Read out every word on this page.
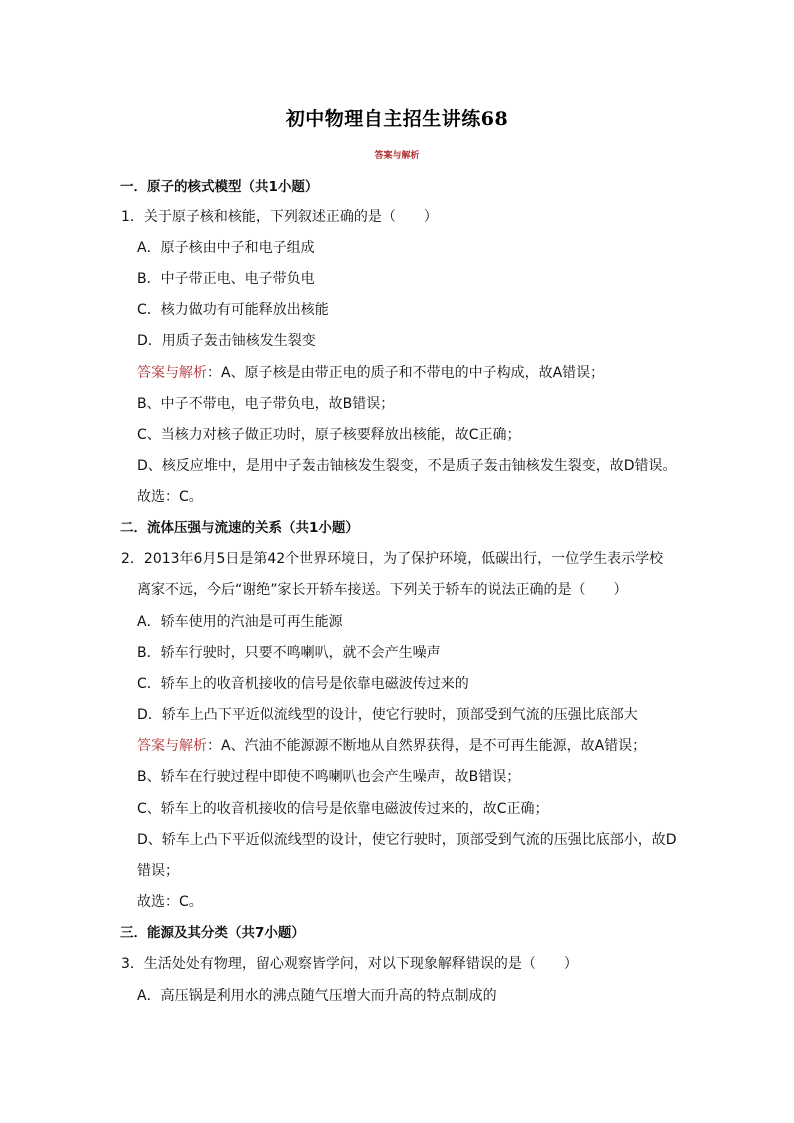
初中物理自主招生讲练68
答案与解析
一．原子的核式模型（共1小题）
1．关于原子核和核能，下列叙述正确的是（　　）
A．原子核由中子和电子组成
B．中子带正电、电子带负电
C．核力做功有可能释放出核能
D．用质子轰击铀核发生裂变
答案与解析：A、原子核是由带正电的质子和不带电的中子构成，故A错误；
B、中子不带电，电子带负电，故B错误；
C、当核力对核子做正功时，原子核要释放出核能，故C正确；
D、核反应堆中，是用中子轰击铀核发生裂变，不是质子轰击铀核发生裂变，故D错误。
故选：C。
二．流体压强与流速的关系（共1小题）
2．2013年6月5日是第42个世界环境日，为了保护环境，低碳出行，一位学生表示学校
离家不远，今后“谢绝”家长开轿车接送。下列关于轿车的说法正确的是（　　）
A．轿车使用的汽油是可再生能源
B．轿车行驶时，只要不鸣喇叭，就不会产生噪声
C．轿车上的收音机接收的信号是依靠电磁波传过来的
D．轿车上凸下平近似流线型的设计，使它行驶时，顶部受到气流的压强比底部大
答案与解析：A、汽油不能源源不断地从自然界获得，是不可再生能源，故A错误；
B、轿车在行驶过程中即使不鸣喇叭也会产生噪声，故B错误；
C、轿车上的收音机接收的信号是依靠电磁波传过来的，故C正确；
D、轿车上凸下平近似流线型的设计，使它行驶时，顶部受到气流的压强比底部小，故D
错误；
故选：C。
三．能源及其分类（共7小题）
3．生活处处有物理，留心观察皆学问，对以下现象解释错误的是（　　）
A．高压锅是利用水的沸点随气压增大而升高的特点制成的
